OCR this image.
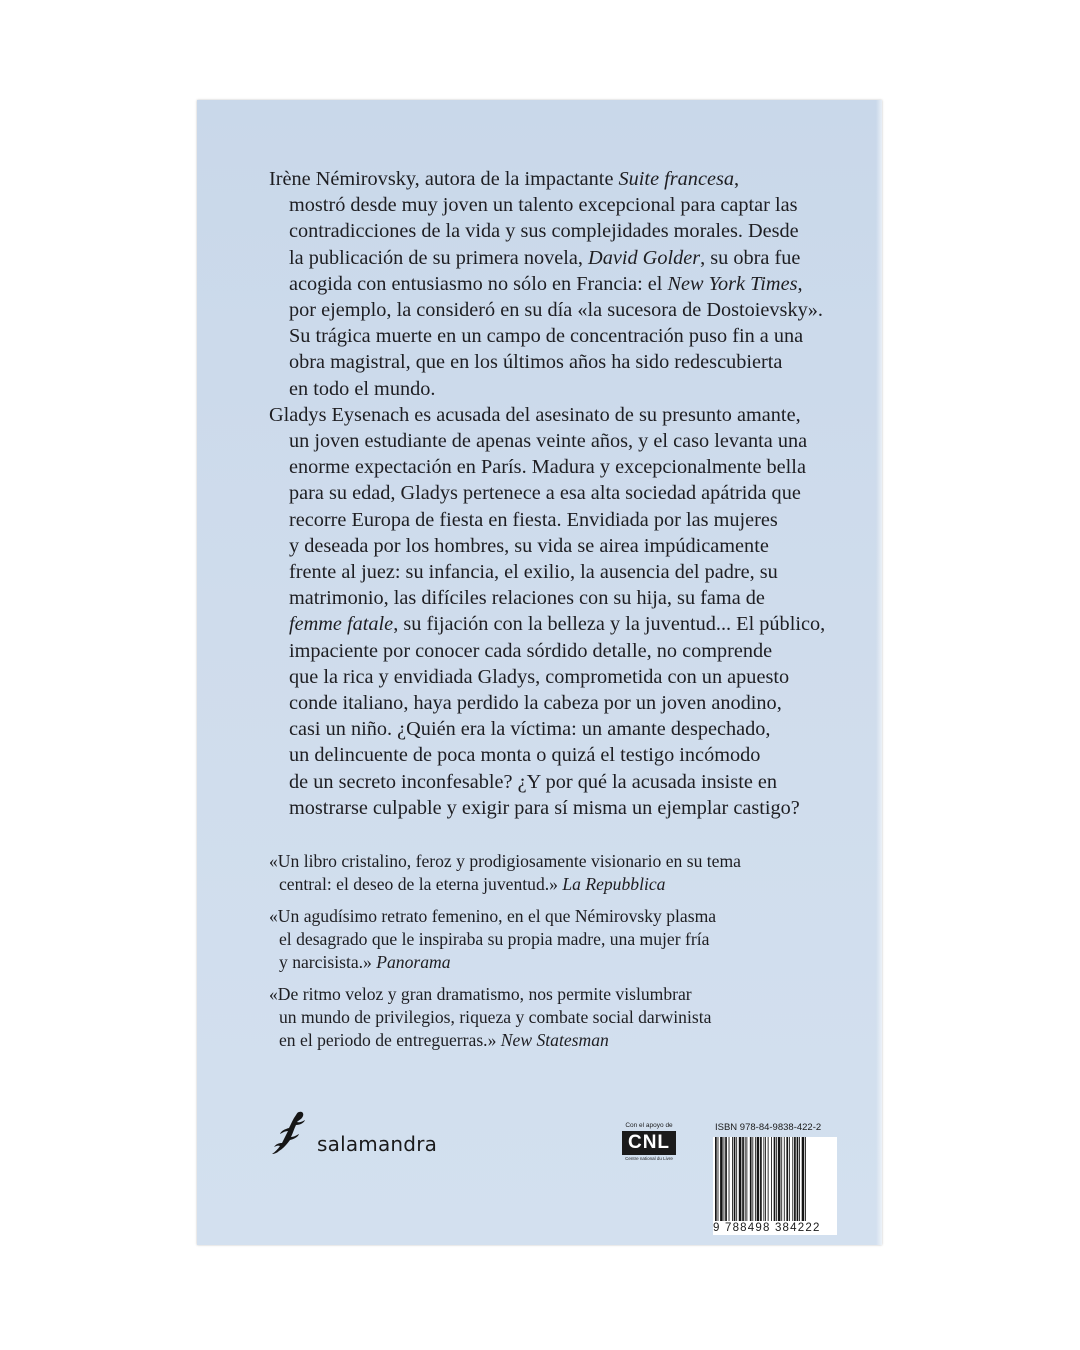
Irène Némirovsky, autora de la impactante Suite francesa,

mostró desde muy joven un talento excepcional para captar las

contradicciones de la vida y sus complejidades morales. Desde

la publicación de su primera novela, David Golder, su obra fue

acogida con entusiasmo no sólo en Francia: el New York Times,

por ejemplo, la consideró en su día «la sucesora de Dostoievsky».

Su trágica muerte en un campo de concentración puso fin a una

obra magistral, que en los últimos años ha sido redescubierta

en todo el mundo.

Gladys Eysenach es acusada del asesinato de su presunto amante,

un joven estudiante de apenas veinte años, y el caso levanta una

enorme expectación en París. Madura y excepcionalmente bella

para su edad, Gladys pertenece a esa alta sociedad apátrida que

recorre Europa de fiesta en fiesta. Envidiada por las mujeres

y deseada por los hombres, su vida se airea impúdicamente

frente al juez: su infancia, el exilio, la ausencia del padre, su

matrimonio, las difíciles relaciones con su hija, su fama de

femme fatale, su fijación con la belleza y la juventud... El público,

impaciente por conocer cada sórdido detalle, no comprende

que la rica y envidiada Gladys, comprometida con un apuesto

conde italiano, haya perdido la cabeza por un joven anodino,

casi un niño. ¿Quién era la víctima: un amante despechado,

un delincuente de poca monta o quizá el testigo incómodo

de un secreto inconfesable? ¿Y por qué la acusada insiste en

mostrarse culpable y exigir para sí misma un ejemplar castigo?

«Un libro cristalino, feroz y prodigiosamente visionario en su tema
central: el deseo de la eterna juventud.» La Repubblica

«Un agudísimo retrato femenino, en el que Némirovsky plasma
el desagrado que le inspiraba su propia madre, una mujer fría
y narcisista.» Panorama

«De ritmo veloz y gran dramatismo, nos permite vislumbrar
un mundo de privilegios, riqueza y combate social darwinista
en el periodo de entreguerras.» New Statesman

salamandra
Con el apoyo de
CNL
Centre national du Livre
ISBN 978-84-9838-422-2
9 788498 384222
